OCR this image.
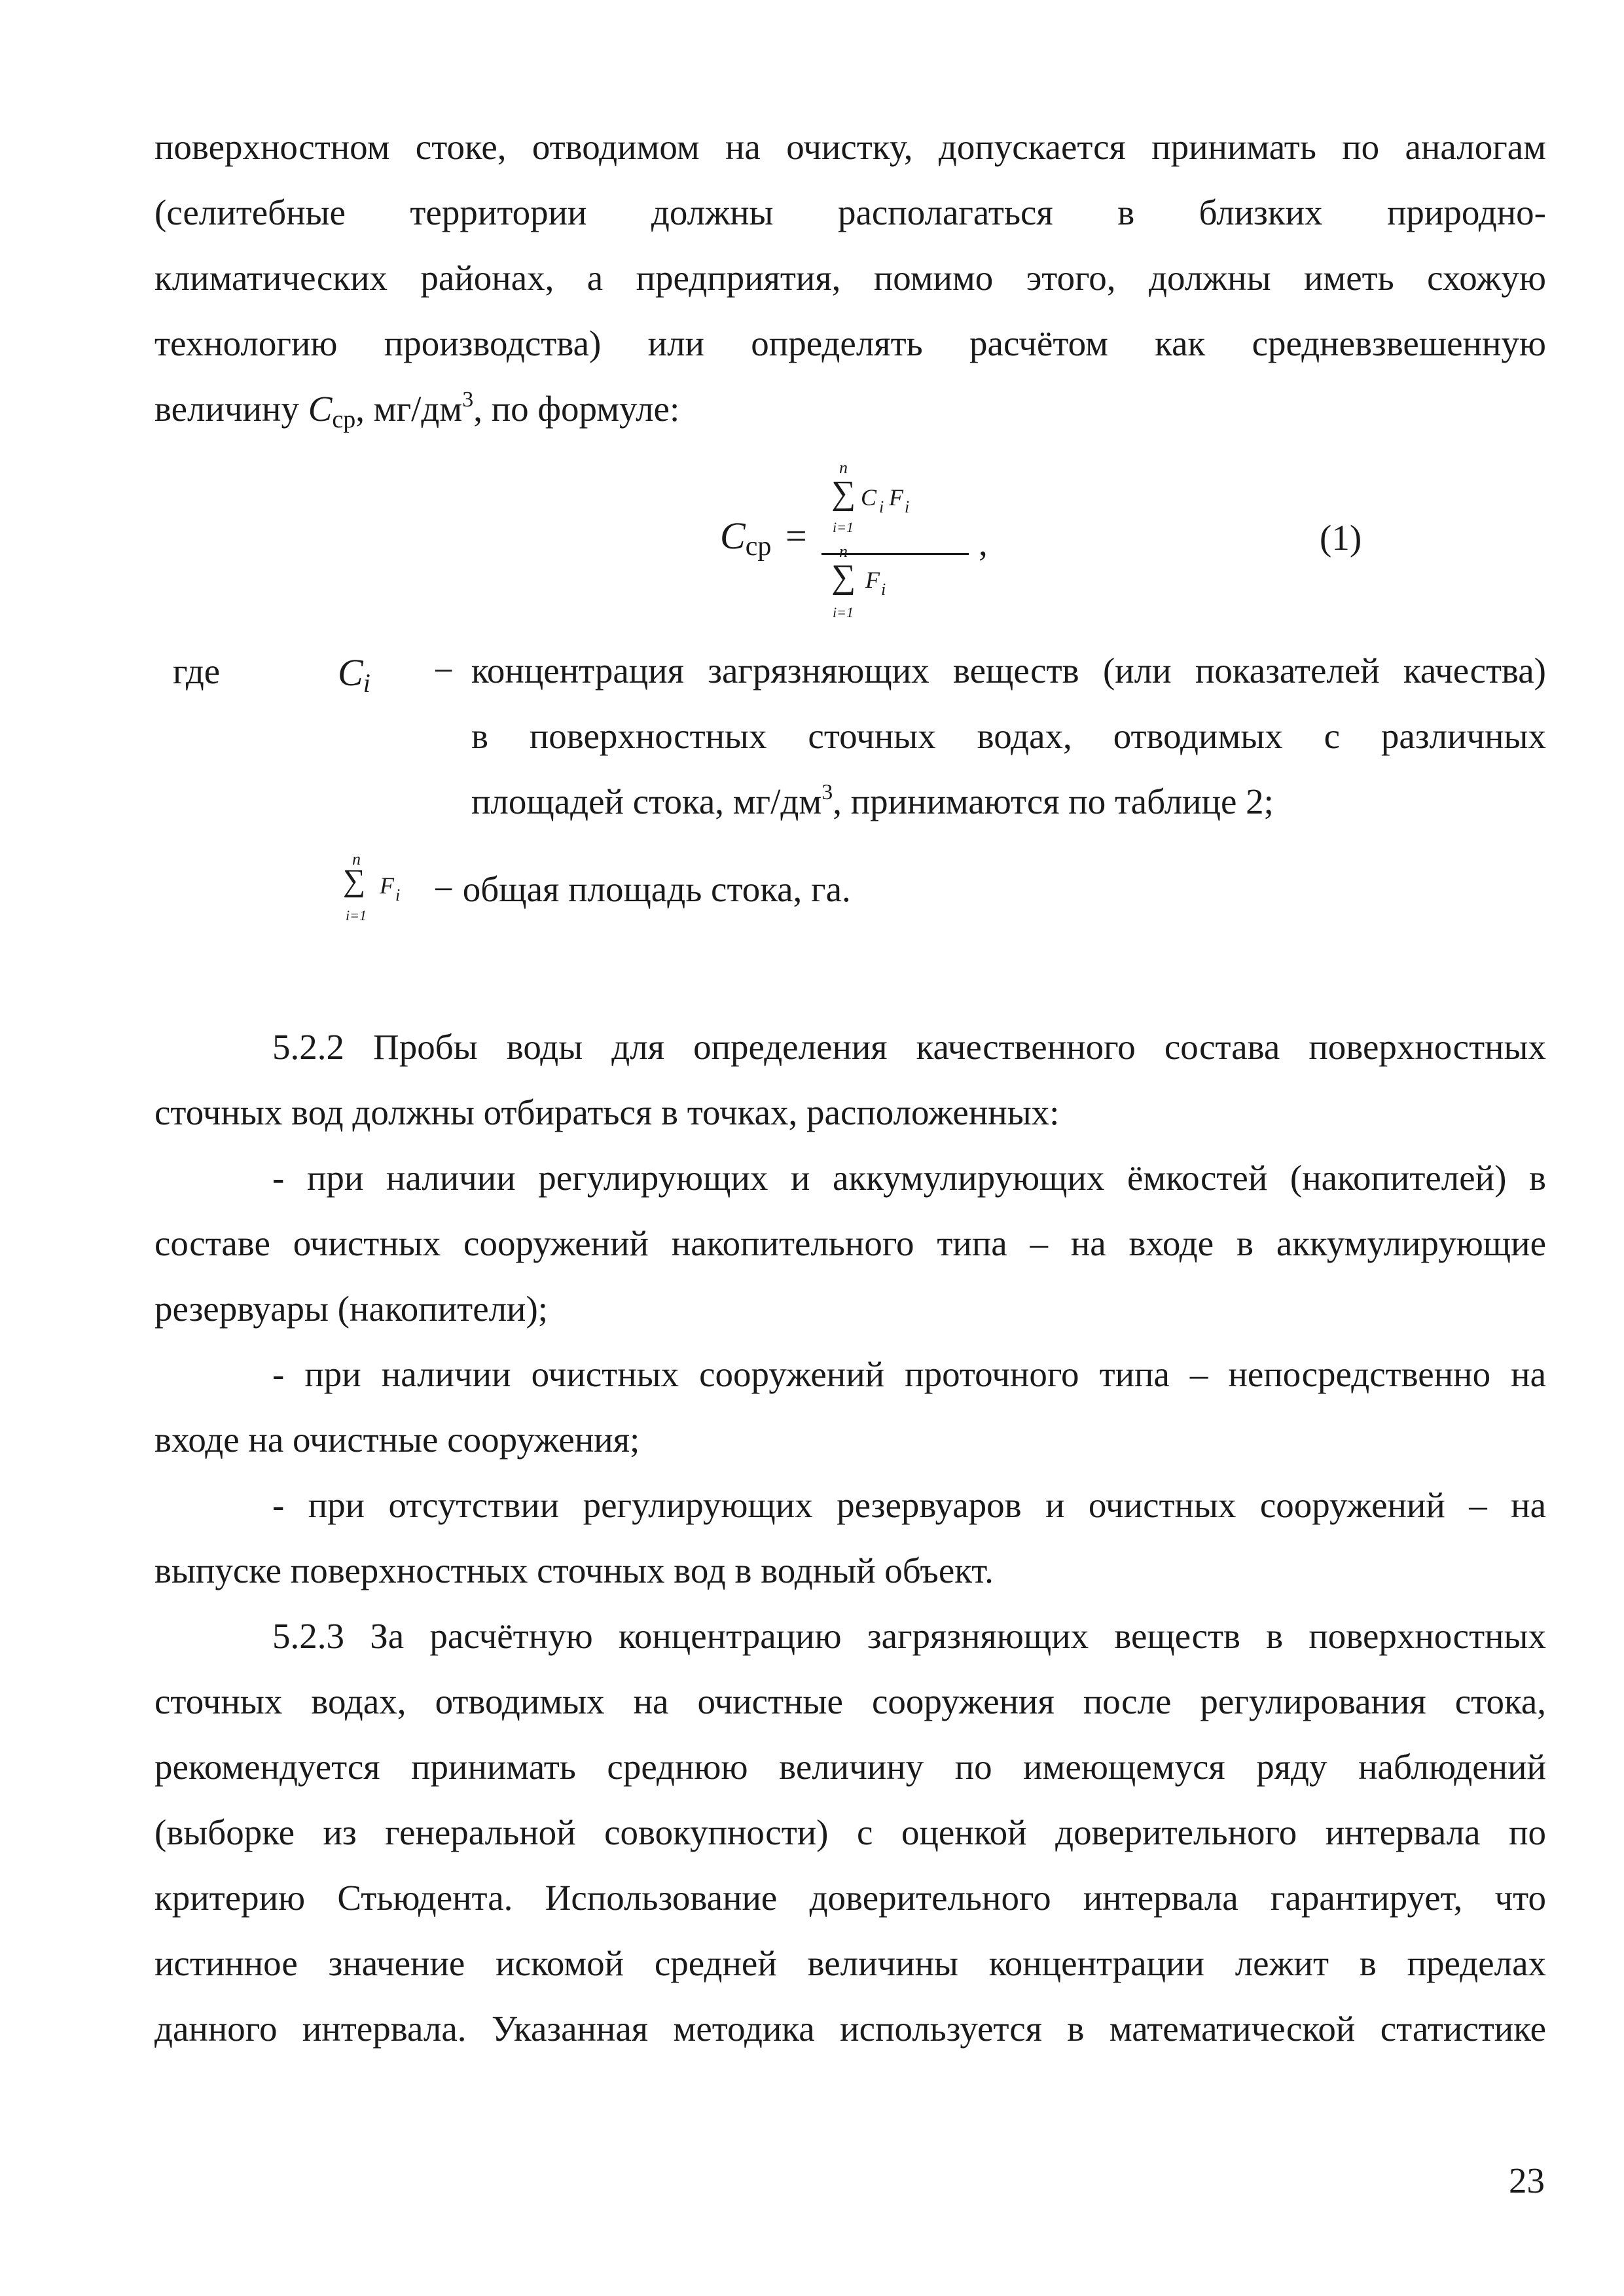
поверхностном стоке, отводимом на очистку, допускается принимать по аналогам
(селитебные территории должны располагаться в близких природно-
климатических районах, а предприятия, помимо этого, должны иметь схожую
технологию производства) или определять расчётом как средневзвешенную
величину $C_{ср}$, $мг/дм^3$, по формуле:
$C_{ср}$ =
n
∑
i=1
C i F i
n
∑
i=1
F i
,	(1)
где	$C_i$ − концентрация загрязняющих веществ (или показателей качества)
в поверхностных сточных водах, отводимых с различных
площадей стока, $мг/дм^3$, принимаются по таблице 2;
n
∑
i=1
F i − общая площадь стока, га.
5.2.2 Пробы воды для определения качественного состава поверхностных
сточных вод должны отбираться в точках, расположенных:
- при наличии регулирующих и аккумулирующих ёмкостей (накопителей) в
составе очистных сооружений накопительного типа – на входе в аккумулирующие
резервуары (накопители);
- при наличии очистных сооружений проточного типа – непосредственно на
входе на очистные сооружения;
- при отсутствии регулирующих резервуаров и очистных сооружений – на
выпуске поверхностных сточных вод в водный объект.
5.2.3 За расчётную концентрацию загрязняющих веществ в поверхностных
сточных водах, отводимых на очистные сооружения после регулирования стока,
рекомендуется принимать среднюю величину по имеющемуся ряду наблюдений
(выборке из генеральной совокупности) с оценкой доверительного интервала по
критерию Стьюдента. Использование доверительного интервала гарантирует, что
истинное значение искомой средней величины концентрации лежит в пределах
данного интервала. Указанная методика используется в математической статистике
23
